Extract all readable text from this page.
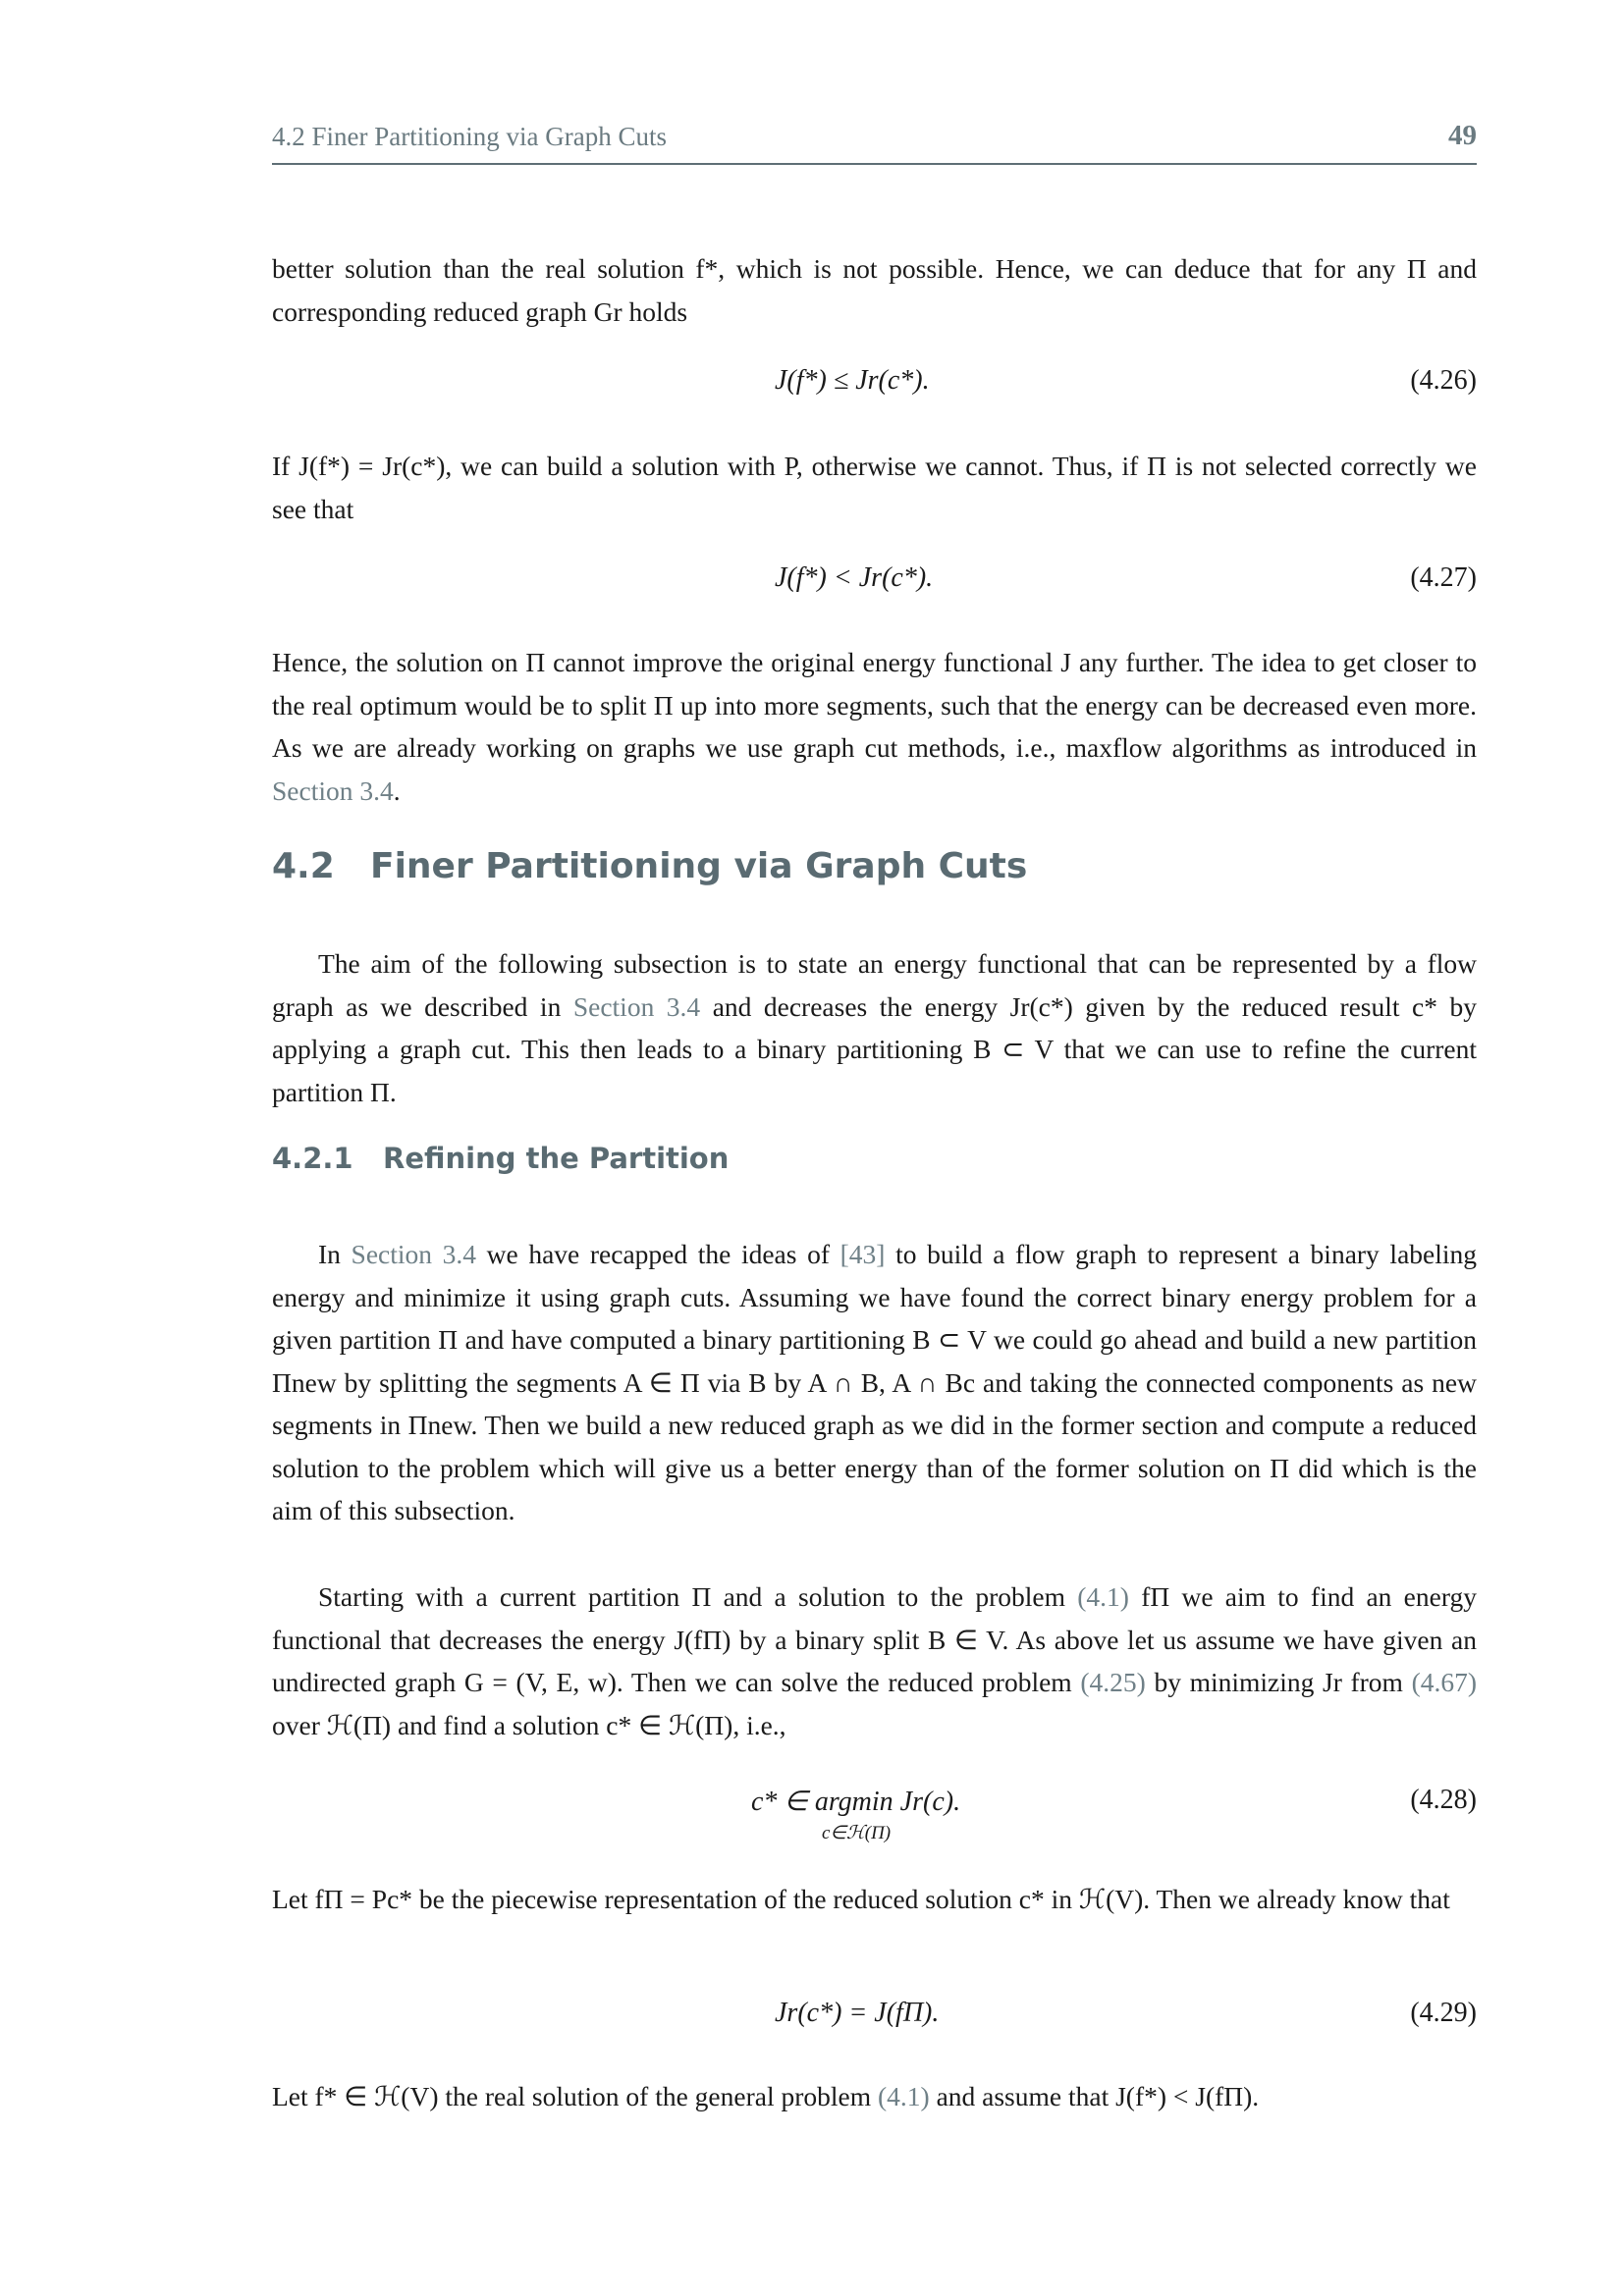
4.2 Finer Partitioning via Graph Cuts	49
better solution than the real solution f*, which is not possible. Hence, we can deduce that for any Π and corresponding reduced graph Gr holds
J(f*) ≤ Jr(c*).	(4.26)
If J(f*) = Jr(c*), we can build a solution with P, otherwise we cannot. Thus, if Π is not selected correctly we see that
J(f*) < Jr(c*).	(4.27)
Hence, the solution on Π cannot improve the original energy functional J any further. The idea to get closer to the real optimum would be to split Π up into more segments, such that the energy can be decreased even more. As we are already working on graphs we use graph cut methods, i.e., maxflow algorithms as introduced in Section 3.4.
4.2 Finer Partitioning via Graph Cuts
The aim of the following subsection is to state an energy functional that can be represented by a flow graph as we described in Section 3.4 and decreases the energy Jr(c*) given by the reduced result c* by applying a graph cut. This then leads to a binary partitioning B ⊂ V that we can use to refine the current partition Π.
4.2.1 Refining the Partition
In Section 3.4 we have recapped the ideas of [43] to build a flow graph to represent a binary labeling energy and minimize it using graph cuts. Assuming we have found the correct binary energy problem for a given partition Π and have computed a binary partitioning B ⊂ V we could go ahead and build a new partition Πnew by splitting the segments A ∈ Π via B by A ∩ B, A ∩ Bc and taking the connected components as new segments in Πnew. Then we build a new reduced graph as we did in the former section and compute a reduced solution to the problem which will give us a better energy than of the former solution on Π did which is the aim of this subsection.
Starting with a current partition Π and a solution to the problem (4.1) fΠ we aim to find an energy functional that decreases the energy J(fΠ) by a binary split B ∈ V. As above let us assume we have given an undirected graph G = (V, E, w). Then we can solve the reduced problem (4.25) by minimizing Jr from (4.67) over ℋ(Π) and find a solution c* ∈ ℋ(Π), i.e.,
c* ∈ argmin Jr(c).
c∈ℋ(Π)
(4.28)
Let fΠ = Pc* be the piecewise representation of the reduced solution c* in ℋ(V). Then we already know that
Jr(c*) = J(fΠ).	(4.29)
Let f* ∈ ℋ(V) the real solution of the general problem (4.1) and assume that J(f*) < J(fΠ).
